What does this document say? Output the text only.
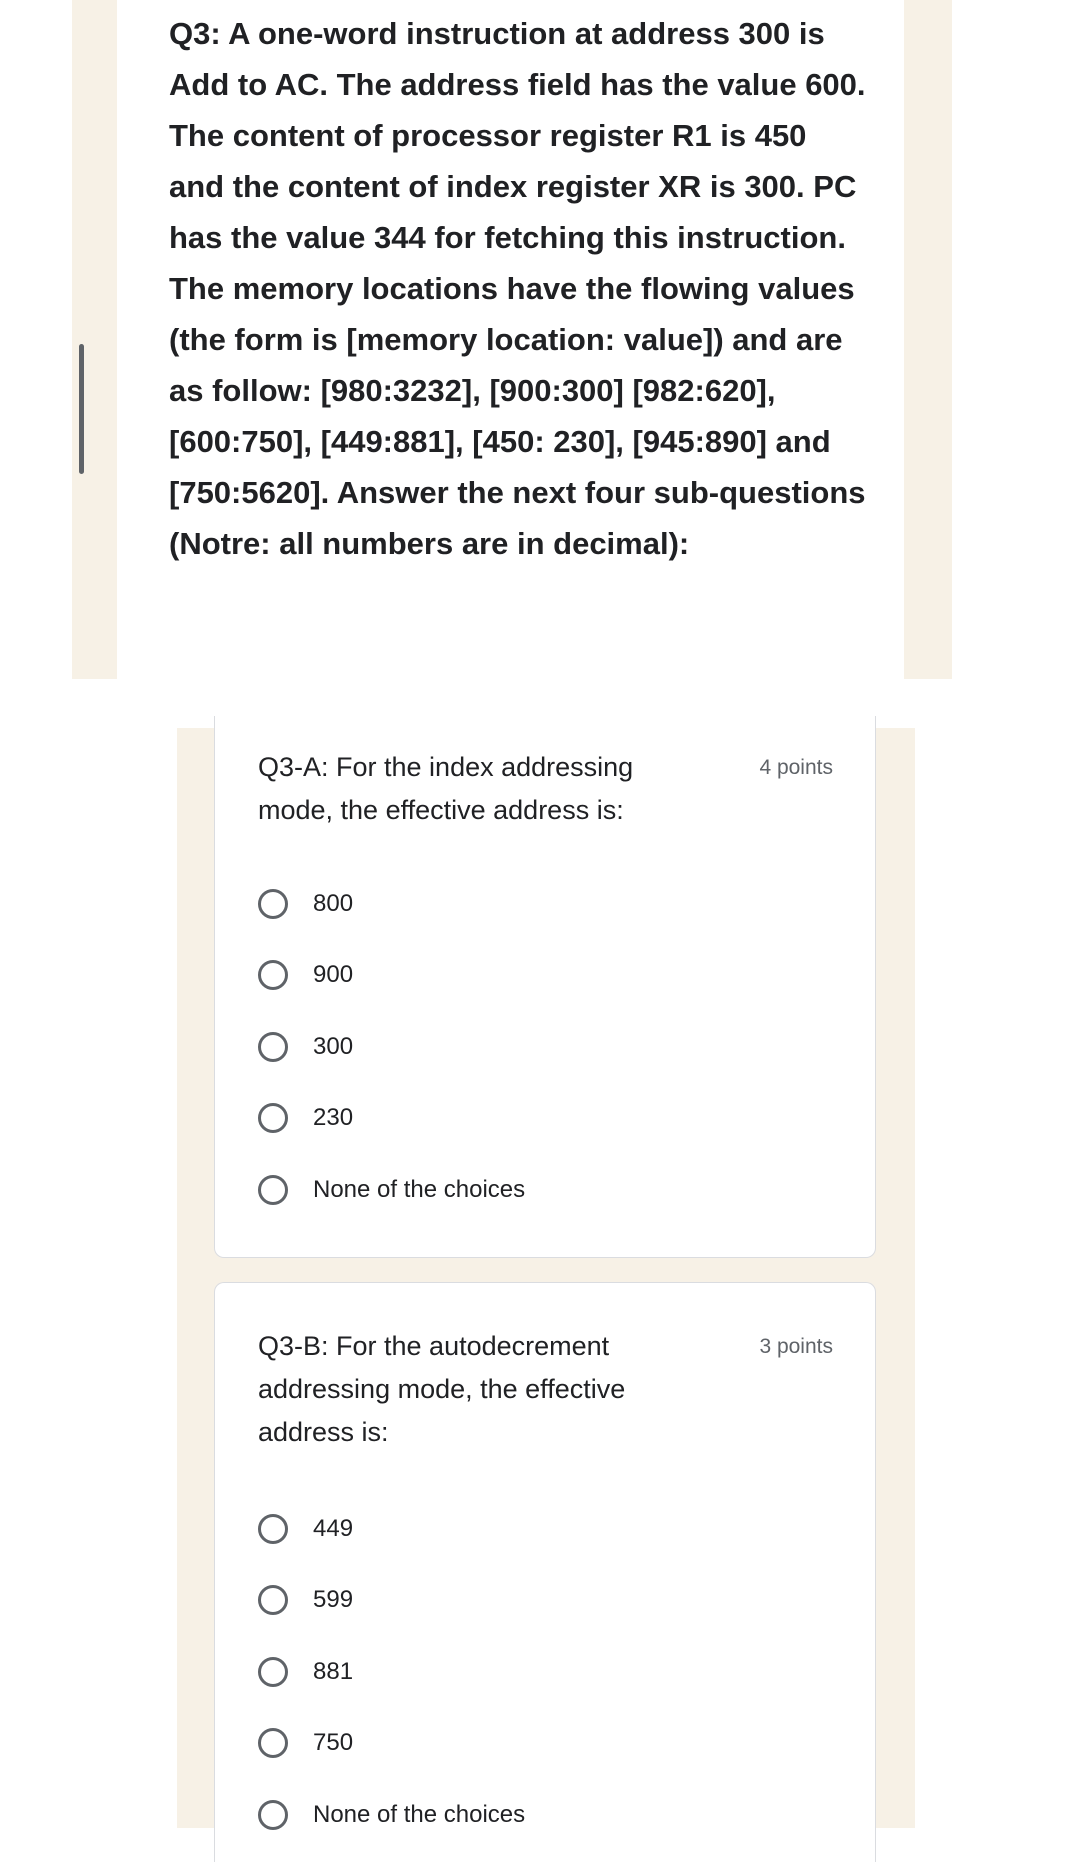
Q3: A one-word instruction at address 300 is Add to AC. The address field has the value 600. The content of processor register R1 is 450 and the content of index register XR is 300. PC has the value 344 for fetching this instruction. The memory locations have the flowing values (the form is [memory location: value]) and are as follow: [980:3232], [900:300] [982:620], [600:750], [449:881], [450: 230], [945:890] and [750:5620]. Answer the next four sub-questions (Notre: all numbers are in decimal):

Q3-A: For the index addressing mode, the effective address is:

4 points
800
900
300
230
None of the choices

Q3-B: For the autodecrement addressing mode, the effective address is:

3 points
449
599
881
750
None of the choices
